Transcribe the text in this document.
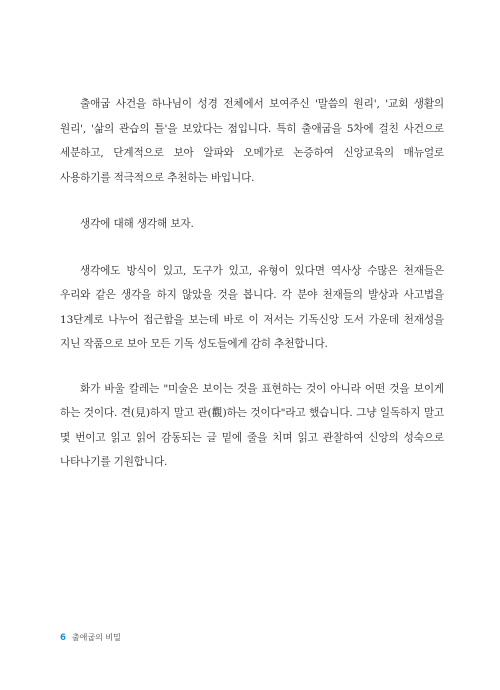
출애굽 사건을 하나님이 성경 전체에서 보여주신 '말씀의 원리', '교회 생활의 원리', '삶의 관습의 틀'을 보았다는 점입니다. 특히 출애굽을 5차에 걸친 사건으로 세분하고, 단계적으로 보아 알파와 오메가로 논증하여 신앙교육의 매뉴얼로 사용하기를 적극적으로 추천하는 바입니다.

생각에 대해 생각해 보자.

생각에도 방식이 있고, 도구가 있고, 유형이 있다면 역사상 수많은 천재들은 우리와 같은 생각을 하지 않았을 것을 봅니다. 각 분야 천재들의 발상과 사고법을 13단계로 나누어 접근함을 보는데 바로 이 저서는 기독신앙 도서 가운데 천재성을 지닌 작품으로 보아 모든 기독 성도들에게 감히 추천합니다.

화가 바울 칼레는 "미술은 보이는 것을 표현하는 것이 아니라 어떤 것을 보이게 하는 것이다. 견(見)하지 말고 관(觀)하는 것이다"라고 했습니다. 그냥 일독하지 말고 몇 번이고 읽고 읽어 감동되는 글 밑에 줄을 치며 읽고 관찰하여 신앙의 성숙으로 나타나기를 기원합니다.

6 출애굽의 비밀
